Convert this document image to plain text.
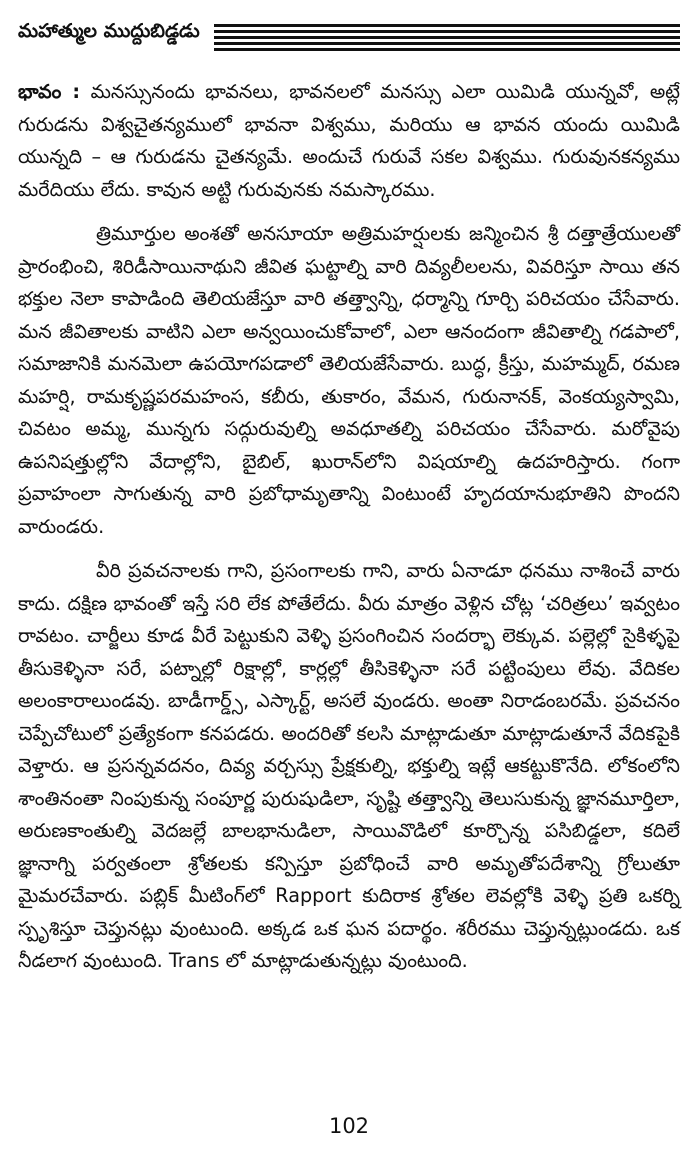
మహాత్ముల ముద్దుబిడ్డడు

భావం : మనస్సునందు భావనలు, భావనలలో మనస్సు ఎలా యిమిడి యున్నవో, అట్లే గురుడను విశ్వచైతన్యములో భావనా విశ్వము, మరియు ఆ భావన యందు యిమిడి యున్నది – ఆ గురుడను చైతన్యమే. అందుచే గురువే సకల విశ్వము. గురువునకన్యము మరేదియు లేదు. కావున అట్టి గురువునకు నమస్కారము.

త్రిమూర్తుల అంశతో అనసూయా అత్రిమహర్షులకు జన్మించిన శ్రీ దత్తాత్రేయులతో ప్రారంభించి, శిరిడీసాయినాథుని జీవిత ఘట్టాల్ని వారి దివ్యలీలలను, వివరిస్తూ సాయి తన భక్తుల నెలా కాపాడింది తెలియజేస్తూ వారి తత్త్వాన్ని, ధర్మాన్ని గూర్చి పరిచయం చేసేవారు. మన జీవితాలకు వాటిని ఎలా అన్వయించుకోవాలో, ఎలా ఆనందంగా జీవితాల్ని గడపాలో, సమాజానికి మనమెలా ఉపయోగపడాలో తెలియజేసేవారు. బుద్ధ, క్రీస్తు, మహమ్మద్, రమణ మహర్షి, రామకృష్ణపరమహంస, కబీరు, తుకారం, వేమన, గురునానక్, వెంకయ్యస్వామి, చివటం అమ్మ, మున్నగు సద్గురువుల్ని అవధూతల్ని పరిచయం చేసేవారు. మరోవైపు ఉపనిషత్తుల్లోని వేదాల్లోని, బైబిల్, ఖురాన్‌లోని విషయాల్ని ఉదహరిస్తారు. గంగా ప్రవాహంలా సాగుతున్న వారి ప్రబోధామృతాన్ని వింటుంటే హృదయానుభూతిని పొందని వారుండరు.

వీరి ప్రవచనాలకు గాని, ప్రసంగాలకు గాని, వారు ఏనాడూ ధనము నాశించే వారు కాదు. దక్షిణ భావంతో ఇస్తే సరి లేక పోతేలేదు. వీరు మాత్రం వెళ్లిన చోట్ల ‘చరిత్రలు’ ఇవ్వటం రావటం. చార్జీలు కూడ వీరే పెట్టుకుని వెళ్ళి ప్రసంగించిన సందర్భా లెక్కువ. పల్లెల్లో సైకిళ్ళపై తీసుకెళ్ళినా సరే, పట్నాల్లో రిక్షాల్లో, కార్లల్లో తీసికెళ్ళినా సరే పట్టింపులు లేవు. వేదికల అలంకారాలుండవు. బాడీగార్డ్స్, ఎస్కార్ట్, అసలే వుండరు. అంతా నిరాడంబరమే. ప్రవచనం చెప్పేచోటులో ప్రత్యేకంగా కనపడరు. అందరితో కలసి మాట్లాడుతూ మాట్లాడుతూనే వేదికపైకి వెళ్తారు. ఆ ప్రసన్నవదనం, దివ్య వర్చస్సు ప్రేక్షకుల్ని, భక్తుల్ని ఇట్లే ఆకట్టుకొనేది. లోకంలోని శాంతినంతా నింపుకున్న సంపూర్ణ పురుషుడిలా, సృష్టి తత్త్వాన్ని తెలుసుకున్న జ్ఞానమూర్తిలా, అరుణకాంతుల్ని వెదజల్లే బాలభానుడిలా, సాయివొడిలో కూర్చొన్న పసిబిడ్డలా, కదిలే జ్ఞానాగ్ని పర్వతంలా శ్రోతలకు కన్పిస్తూ ప్రబోధించే వారి అమృతోపదేశాన్ని గ్రోలుతూ మైమరచేవారు. పబ్లిక్ మీటింగ్‌లో Rapport కుదిరాక శ్రోతల లెవల్లోకి వెళ్ళి ప్రతి ఒకర్ని స్పృశిస్తూ చెప్తునట్లు వుంటుంది. అక్కడ ఒక ఘన పదార్థం. శరీరము చెప్తున్నట్లుండదు. ఒక నీడలాగ వుంటుంది. Trans లో మాట్లాడుతున్నట్లు వుంటుంది.

102
